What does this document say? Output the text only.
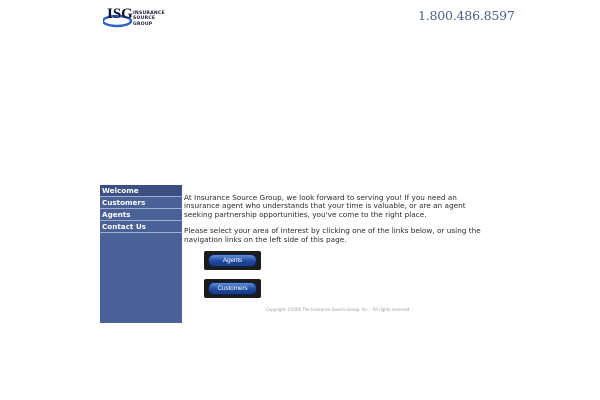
ISG INSURANCE
SOURCE GROUP
1.800.486.8597
Welcome
Customers
Agents
Contact Us

At Insurance Source Group, we look forward to serving you! If you need an insurance agent who understands that your time is valuable, or are an agent seeking partnership opportunities, you've come to the right place.

Please select your area of interest by clicking one of the links below, or using the navigation links on the left side of this page.

Agents
Customers
Copyright ©2006 The Insurance Source Group, Inc. - All rights reserved
